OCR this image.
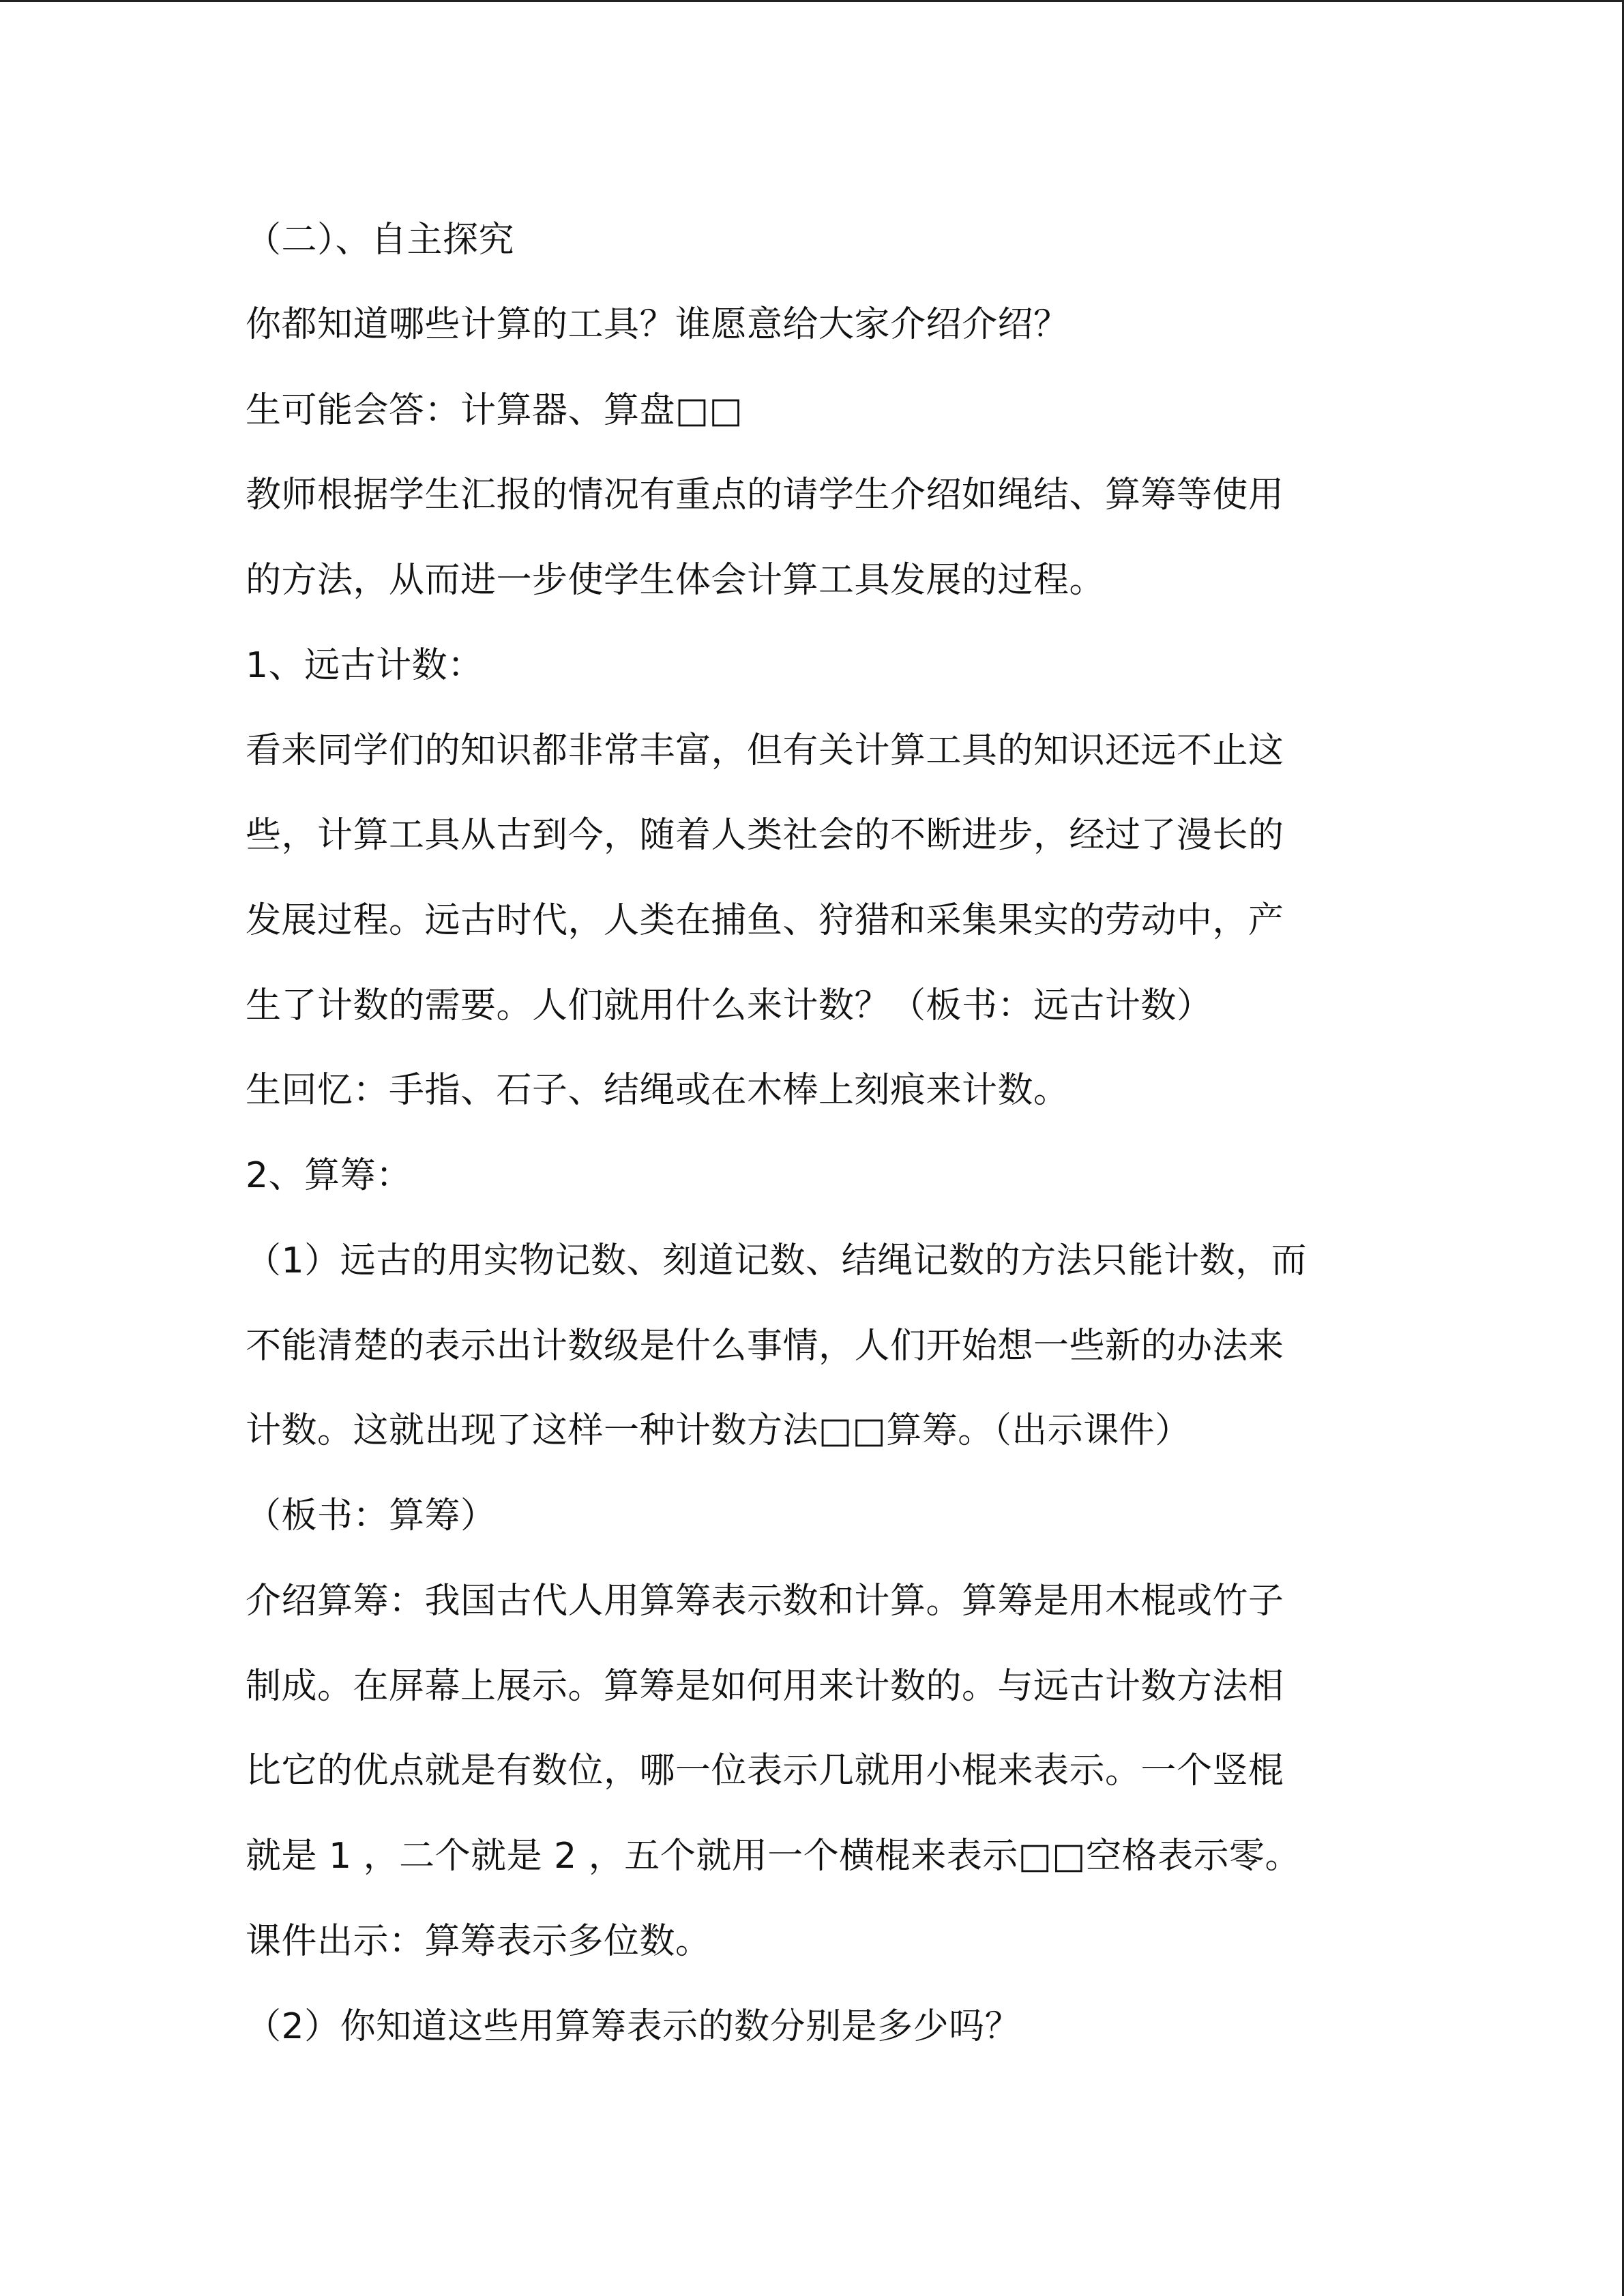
（二）、自主探究
你都知道哪些计算的工具？谁愿意给大家介绍介绍？
生可能会答：计算器、算盘□□
教师根据学生汇报的情况有重点的请学生介绍如绳结、算筹等使用
的方法，从而进一步使学生体会计算工具发展的过程。
1、远古计数：
看来同学们的知识都非常丰富，但有关计算工具的知识还远不止这
些，计算工具从古到今，随着人类社会的不断进步，经过了漫长的
发展过程。远古时代，人类在捕鱼、狩猎和采集果实的劳动中，产
生了计数的需要。人们就用什么来计数？（板书：远古计数）
生回忆：手指、石子、结绳或在木棒上刻痕来计数。
2、算筹：
（1）远古的用实物记数、刻道记数、结绳记数的方法只能计数，而
不能清楚的表示出计数级是什么事情，人们开始想一些新的办法来
计数。这就出现了这样一种计数方法□□算筹。（出示课件）
（板书：算筹）
介绍算筹：我国古代人用算筹表示数和计算。算筹是用木棍或竹子
制成。在屏幕上展示。算筹是如何用来计数的。与远古计数方法相
比它的优点就是有数位，哪一位表示几就用小棍来表示。一个竖棍
就是 1 ，二个就是 2 ，五个就用一个横棍来表示□□空格表示零。
课件出示：算筹表示多位数。
（2）你知道这些用算筹表示的数分别是多少吗？
